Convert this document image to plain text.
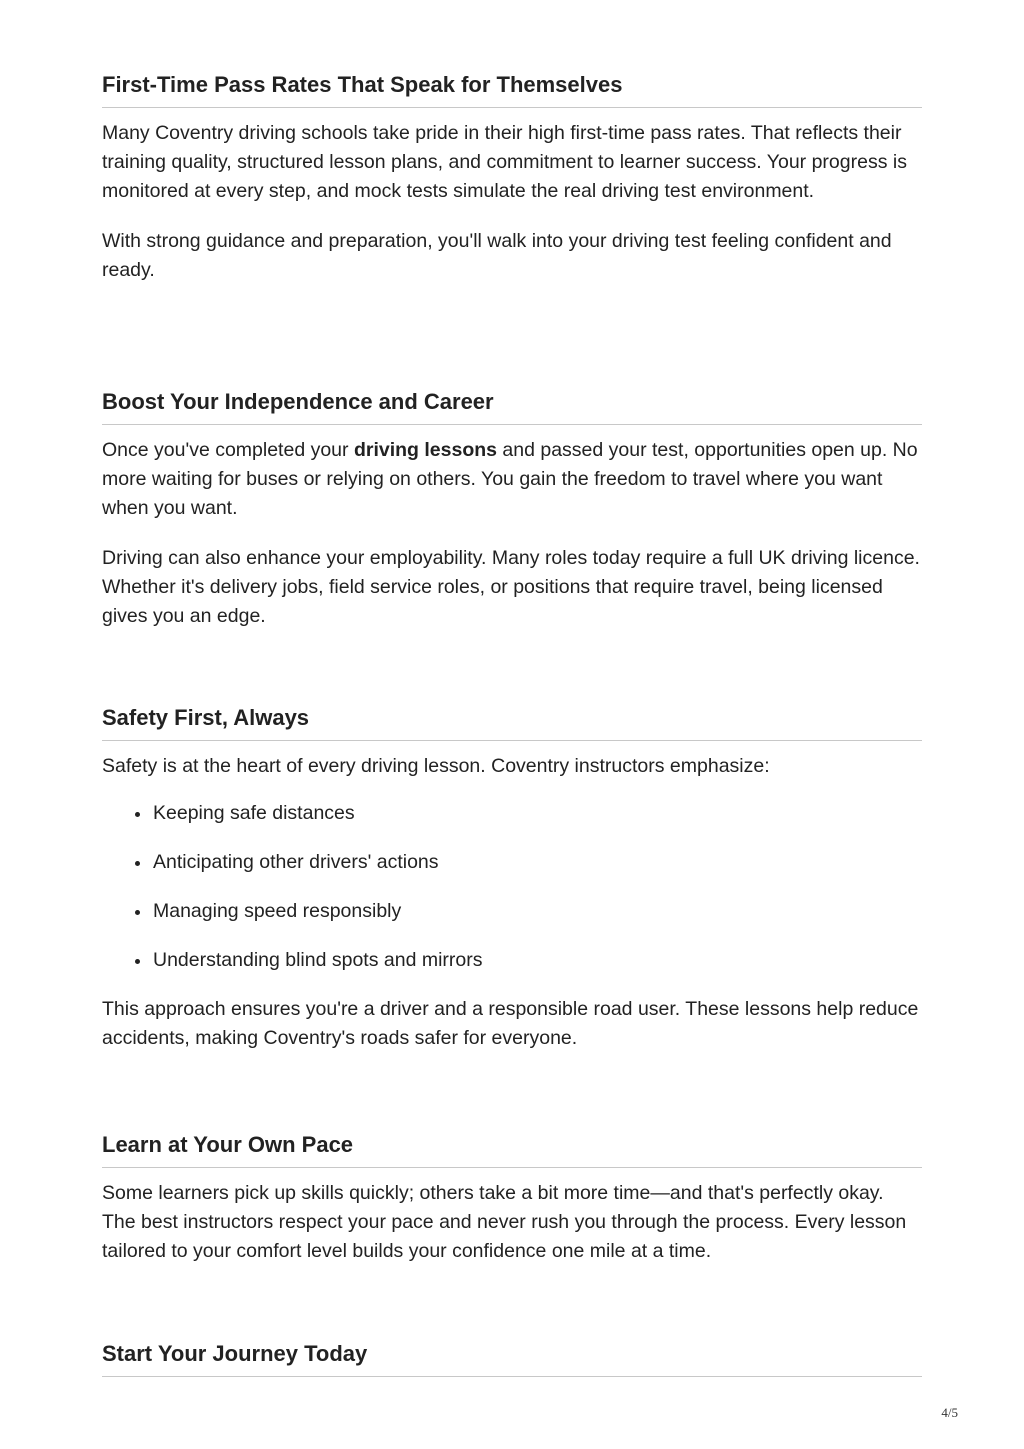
First-Time Pass Rates That Speak for Themselves

Many Coventry driving schools take pride in their high first-time pass rates. That reflects their training quality, structured lesson plans, and commitment to learner success. Your progress is monitored at every step, and mock tests simulate the real driving test environment.

With strong guidance and preparation, you'll walk into your driving test feeling confident and ready.

Boost Your Independence and Career

Once you've completed your driving lessons and passed your test, opportunities open up. No more waiting for buses or relying on others. You gain the freedom to travel where you want when you want.

Driving can also enhance your employability. Many roles today require a full UK driving licence. Whether it's delivery jobs, field service roles, or positions that require travel, being licensed gives you an edge.

Safety First, Always

Safety is at the heart of every driving lesson. Coventry instructors emphasize:

Keeping safe distances
Anticipating other drivers' actions
Managing speed responsibly
Understanding blind spots and mirrors

This approach ensures you're a driver and a responsible road user. These lessons help reduce accidents, making Coventry's roads safer for everyone.

Learn at Your Own Pace

Some learners pick up skills quickly; others take a bit more time—and that's perfectly okay. The best instructors respect your pace and never rush you through the process. Every lesson tailored to your comfort level builds your confidence one mile at a time.

Start Your Journey Today
4/5
